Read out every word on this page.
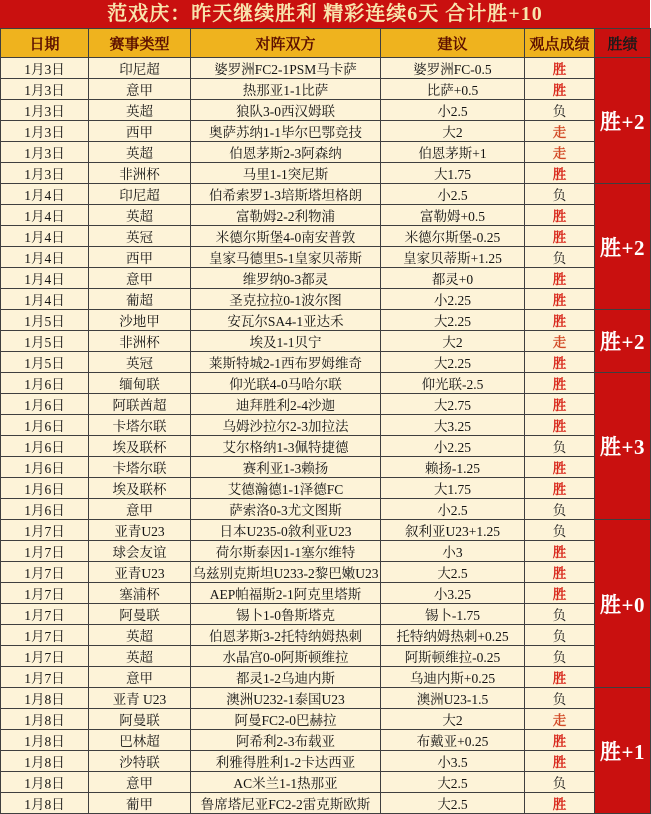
范戏庆：昨天继续胜利 精彩连续6天 合计胜+10
日期	赛事类型	对阵双方	建议	观点成绩	胜绩
1月3日	印尼超	婆罗洲FC2-1PSM马卡萨	婆罗洲FC-0.5	胜	胜+2
1月3日	意甲	热那亚1-1比萨	比萨+0.5	胜	
1月3日	英超	狼队3-0西汉姆联	小2.5	负	
1月3日	西甲	奥萨苏纳1-1毕尔巴鄂竞技	大2	走	
1月3日	英超	伯恩茅斯2-3阿森纳	伯恩茅斯+1	走	
1月3日	非洲杯	马里1-1突尼斯	大1.75	胜	
1月4日	印尼超	伯希索罗1-3培斯塔坦格朗	小2.5	负	胜+2
1月4日	英超	富勒姆2-2利物浦	富勒姆+0.5	胜	
1月4日	英冠	米德尔斯堡4-0南安普敦	米德尔斯堡-0.25	胜	
1月4日	西甲	皇家马德里5-1皇家贝蒂斯	皇家贝蒂斯+1.25	负	
1月4日	意甲	维罗纳0-3都灵	都灵+0	胜	
1月4日	葡超	圣克拉拉0-1波尔图	小2.25	胜	
1月5日	沙地甲	安瓦尔SA4-1亚达禾	大2.25	胜	胜+2
1月5日	非洲杯	埃及1-1贝宁	大2	走	
1月5日	英冠	莱斯特城2-1西布罗姆维奇	大2.25	胜	
1月6日	缅甸联	仰光联4-0马哈尔联	仰光联-2.5	胜	胜+3
1月6日	阿联酋超	迪拜胜利2-4沙迦	大2.75	胜	
1月6日	卡塔尔联	乌姆沙拉尔2-3加拉法	大3.25	胜	
1月6日	埃及联杯	艾尔格纳1-3佩特捷德	小2.25	负	
1月6日	卡塔尔联	赛利亚1-3赖扬	赖扬-1.25	胜	
1月6日	埃及联杯	艾德瀚德1-1泽德FC	大1.75	胜	
1月6日	意甲	萨索洛0-3尤文图斯	小2.5	负	
1月7日	亚青U23	日本U235-0敘利亚U23	叙利亚U23+1.25	负	胜+0
1月7日	球会友谊	荷尔斯泰因1-1塞尔维特	小3	胜	
1月7日	亚青U23	乌兹别克斯坦U233-2黎巴嫩U23	大2.5	胜	
1月7日	塞浦杯	AEP帕福斯2-1阿克里塔斯	小3.25	胜	
1月7日	阿曼联	锡卜1-0鲁斯塔克	锡卜-1.75	负	
1月7日	英超	伯恩茅斯3-2托特纳姆热刺	托特纳姆热刺+0.25	负	
1月7日	英超	水晶宫0-0阿斯顿维拉	阿斯顿维拉-0.25	负	
1月7日	意甲	都灵1-2乌迪内斯	乌迪内斯+0.25	胜	
1月8日	亚青 U23	澳洲U232-1泰国U23	澳洲U23-1.5	负	胜+1
1月8日	阿曼联	阿曼FC2-0巴赫拉	大2	走	
1月8日	巴林超	阿希利2-3布载亚	布戴亚+0.25	胜	
1月8日	沙特联	利雅得胜利1-2卡达西亚	小3.5	胜	
1月8日	意甲	AC米兰1-1热那亚	大2.5	负	
1月8日	葡甲	鲁席塔尼亚FC2-2雷克斯欧斯	大2.5	胜	
